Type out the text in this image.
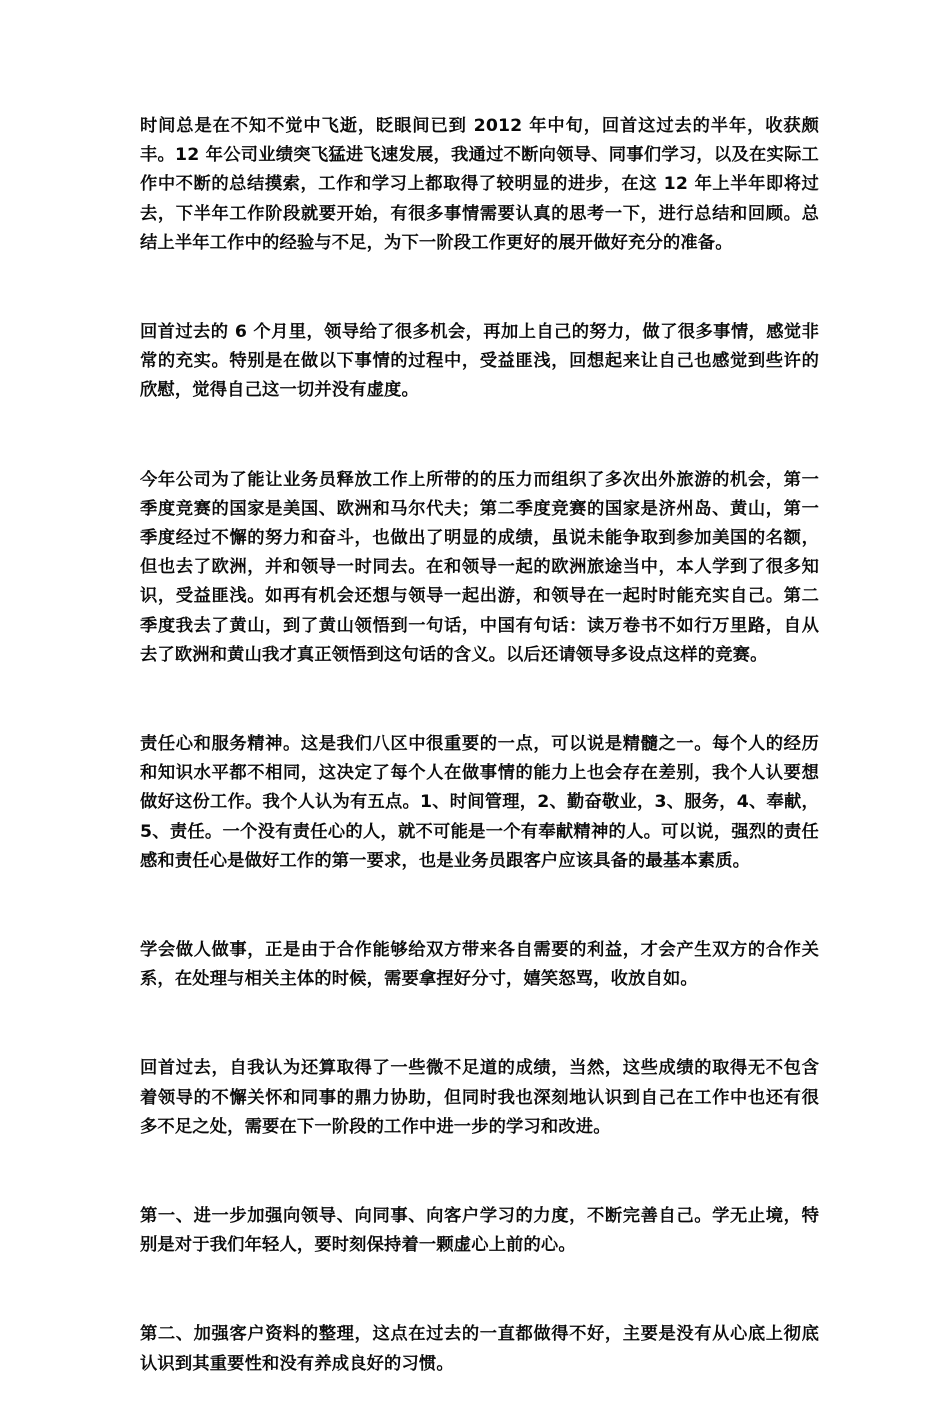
时间总是在不知不觉中飞逝，眨眼间已到 2012 年中旬，回首这过去的半年，收获颇丰。12 年公司业绩突飞猛进飞速发展，我通过不断向领导、同事们学习，以及在实际工作中不断的总结摸索，工作和学习上都取得了较明显的进步，在这 12 年上半年即将过去，下半年工作阶段就要开始，有很多事情需要认真的思考一下，进行总结和回顾。总结上半年工作中的经验与不足，为下一阶段工作更好的展开做好充分的准备。

回首过去的 6 个月里，领导给了很多机会，再加上自己的努力，做了很多事情，感觉非常的充实。特别是在做以下事情的过程中，受益匪浅，回想起来让自己也感觉到些许的欣慰，觉得自己这一切并没有虚度。

今年公司为了能让业务员释放工作上所带的的压力而组织了多次出外旅游的机会，第一季度竞赛的国家是美国、欧洲和马尔代夫；第二季度竞赛的国家是济州岛、黄山，第一季度经过不懈的努力和奋斗，也做出了明显的成绩，虽说未能争取到参加美国的名额，但也去了欧洲，并和领导一时同去。在和领导一起的欧洲旅途当中，本人学到了很多知识，受益匪浅。如再有机会还想与领导一起出游，和领导在一起时时能充实自己。第二季度我去了黄山，到了黄山领悟到一句话，中国有句话：读万卷书不如行万里路，自从去了欧洲和黄山我才真正领悟到这句话的含义。以后还请领导多设点这样的竞赛。

责任心和服务精神。这是我们八区中很重要的一点，可以说是精髓之一。每个人的经历和知识水平都不相同，这决定了每个人在做事情的能力上也会存在差别，我个人认要想做好这份工作。我个人认为有五点。1、时间管理，2、勤奋敬业，3、服务，4、奉献，5、责任。一个没有责任心的人，就不可能是一个有奉献精神的人。可以说，强烈的责任感和责任心是做好工作的第一要求，也是业务员跟客户应该具备的最基本素质。

学会做人做事，正是由于合作能够给双方带来各自需要的利益，才会产生双方的合作关系，在处理与相关主体的时候，需要拿捏好分寸，嬉笑怒骂，收放自如。

回首过去，自我认为还算取得了一些微不足道的成绩，当然，这些成绩的取得无不包含着领导的不懈关怀和同事的鼎力协助，但同时我也深刻地认识到自己在工作中也还有很多不足之处，需要在下一阶段的工作中进一步的学习和改进。

第一、进一步加强向领导、向同事、向客户学习的力度，不断完善自己。学无止境，特别是对于我们年轻人，要时刻保持着一颗虚心上前的心。

第二、加强客户资料的整理，这点在过去的一直都做得不好，主要是没有从心底上彻底认识到其重要性和没有养成良好的习惯。
